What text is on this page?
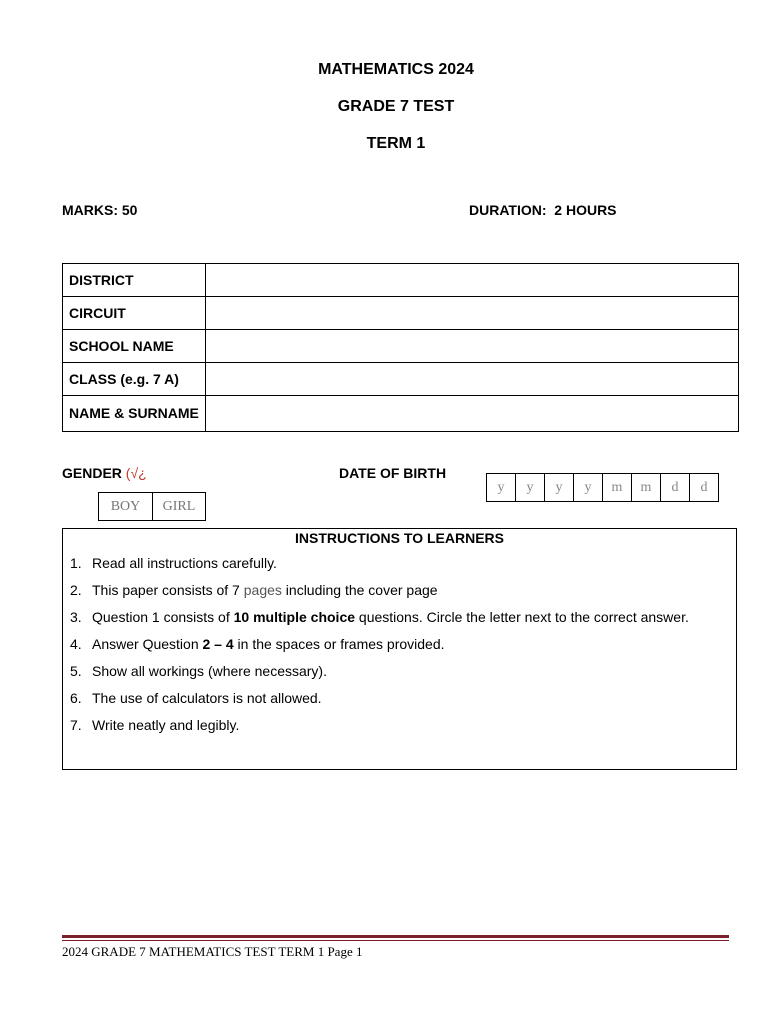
MATHEMATICS 2024
GRADE 7 TEST
TERM 1
MARKS: 50	DURATION:  2 HOURS
DISTRICT	
CIRCUIT	
SCHOOL NAME	
CLASS (e.g. 7 A)	
NAME & SURNAME	
GENDER (√¿
BOY	GIRL
DATE OF BIRTH
y	y	y	y	m	m	d	d
INSTRUCTIONS TO LEARNERS
1. Read all instructions carefully.
2. This paper consists of 7 pages including the cover page
3. Question 1 consists of 10 multiple choice questions. Circle the letter next to the correct answer.
4. Answer Question 2 – 4 in the spaces or frames provided.
5. Show all workings (where necessary).
6. The use of calculators is not allowed.
7. Write neatly and legibly.
2024 GRADE 7 MATHEMATICS TEST TERM 1 Page 1
